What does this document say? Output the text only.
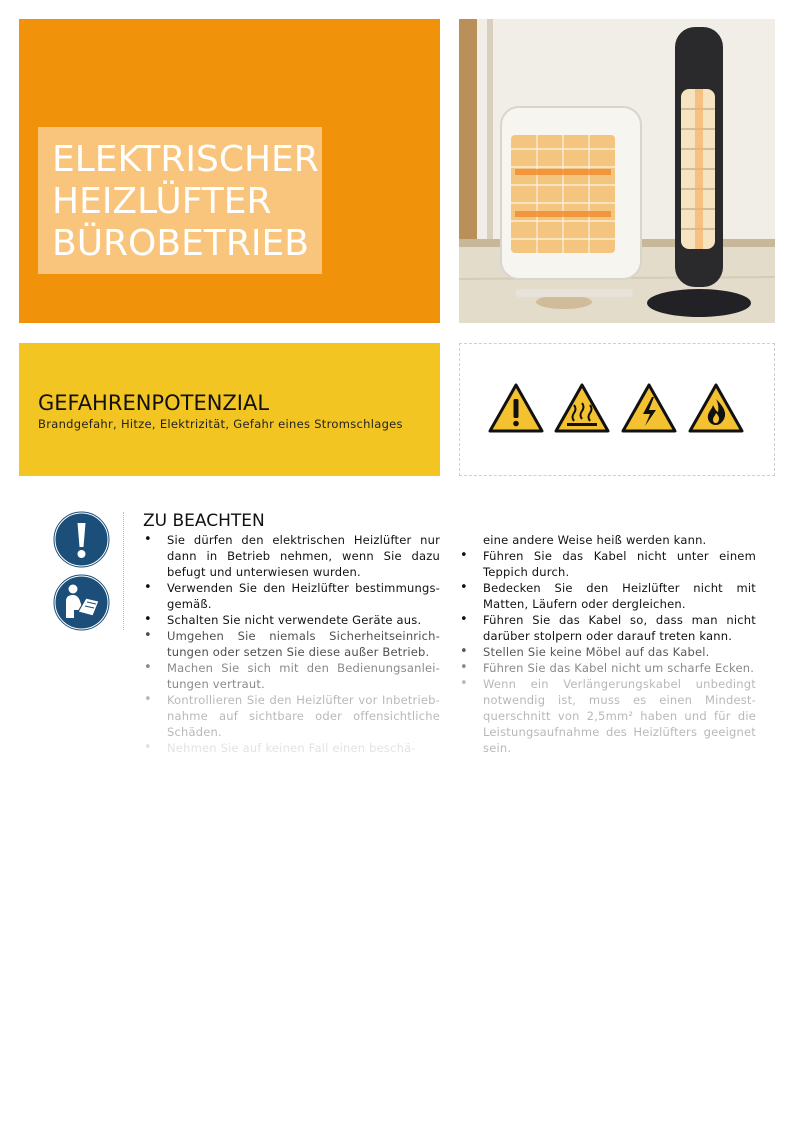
ELEKTRISCHER
HEIZLÜFTER
BÜROBETRIEB
GEFAHRENPOTENZIAL
Brandgefahr, Hitze, Elektrizität, Gefahr eines Stromschlages
ZU BEACHTEN
• Sie dürfen den elektrischen Heizlüfter nur dann in Betrieb nehmen, wenn Sie dazu befugt und unterwiesen wurden.
• Verwenden Sie den Heizlüfter bestimmungs-gemäß.
• Schalten Sie nicht verwendete Geräte aus.
• Umgehen Sie niemals Sicherheitseinrich-tungen oder setzen Sie diese außer Betrieb.
• Machen Sie sich mit den Bedienungsanlei-tungen vertraut.
• Kontrollieren Sie den Heizlüfter vor Inbetrieb-nahme auf sichtbare oder offensichtliche Schäden.
• Nehmen Sie auf keinen Fall einen beschä-
eine andere Weise heiß werden kann.
• Führen Sie das Kabel nicht unter einem Teppich durch.
• Bedecken Sie den Heizlüfter nicht mit Matten, Läufern oder dergleichen.
• Führen Sie das Kabel so, dass man nicht darüber stolpern oder darauf treten kann.
• Stellen Sie keine Möbel auf das Kabel.
• Führen Sie das Kabel nicht um scharfe Ecken.
• Wenn ein Verlängerungskabel unbedingt notwendig ist, muss es einen Mindest-querschnitt von 2,5mm² haben und für die Leistungsaufnahme des Heizlüfters geeignet sein.
